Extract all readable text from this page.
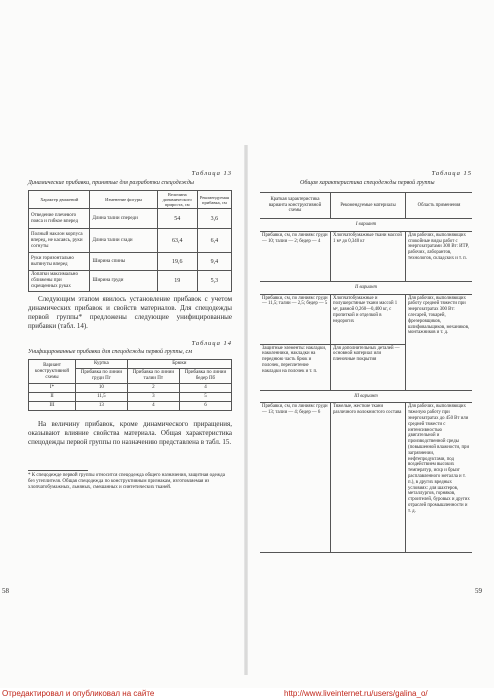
Таблица 13
Динамические прибавки, принятые для разработки спецодежды
Характер движений	Изменение фигуры	Величина динамического прироста, см	Рекомендуемая прибавка, см
Отведение плечевого пояса и гибкое вперед	Длина талии спереди	54	3,6
Полный наклон корпуса вперед, не касаясь, руки согнуты	Длина талии сзади	63,4	6,4
Руки горизонтально вытянуты вперед	Ширина спины	19,6	9,4
Лопатки максимально сближены при скрещенных руках	Ширина груди	19	5,3
Следующим этапом явилось установление прибавок с учетом динамических прибавок и свойств материалов. Для спецодежды первой группы* предложены следующие унифицированные прибавки (табл. 14).
Таблица 14
Унифицированные прибавки для спецодежды первой группы, см
Вариант конструктивной схемы	Куртка	Брюки	
	Прибавка по линии груди Пг	Прибавка по линии талии Пт	Прибавка по линии бедер Пб
I*	10	2	4
II	11,5	3	5
III	13	4	6
На величину прибавок, кроме динамического приращения, оказывают влияние свойства материала. Общая характеристика спецодежды первой группы по назначению представлена в табл. 15.
* К спецодежде первой группы относится спецодежда общего назначения, защитная одежда без утеплителя. Общая спецодежда по конструктивным признакам, изготовляемая из хлопчатобумажных, льняных, смешанных и синтетических тканей.
58
Таблица 15
Общая характеристика спецодежды первой группы
Краткая характеристика варианта конструктивной схемы	Рекомендуемые материалы	Область применения
I вариант		
Прибавки, см, по линиям: груди — 10; талии — 2; бедер — 4	Хлопчатобумажные ткани массой 1 м² до 0,340 кг	Для рабочих, выполняющих спокойные виды работ с энергозатратами 300 Вт: ИТР, рабочих, лаборантов, технологов, складских и т. п.
II вариант		
Прибавки, см, по линиям: груди — 11,5; талии — 2,5; бедер — 5	Хлопчатобумажные и полушерстяные ткани массой 1 м², равной 0,260—0,400 кг, с пропиткой и отделкой в недорогих	Для рабочих, выполняющих работу средней тяжести при энергозатратах 300 Вт: слесарей, токарей, фрезеровщиков, шлифовальщиков, механиков, монтажников и т. д.
Защитные элементы: накладки, наколенники, накладки на переднюю часть брюк и полочек, переплетение накладки на полочек и т. п.	Для дополнительных деталей — основной материал или пленочные покрытия	
III вариант		
Прибавки, см, по линиям: груди — 13; талии — 4; бедер — 6	Тяжелые, жесткие ткани различного волокнистого состава	Для рабочих, выполняющих тяжелую работу при энергозатратах до 450 Вт или средней тяжести с интенсивностью двигательной и производственной среды (повышенной влажности, при загрязнении, нефтепродуктами, под воздействием высоких температур, искр и брызг расплавленного металла и т. п.), в других вредных условиях: для шахтеров, металлургов, горняков, строителей, буровых и других отраслей промышленности и т. д.
59
Отредактировал и опубликовал на сайте	http://www.liveinternet.ru/users/galina_o/
